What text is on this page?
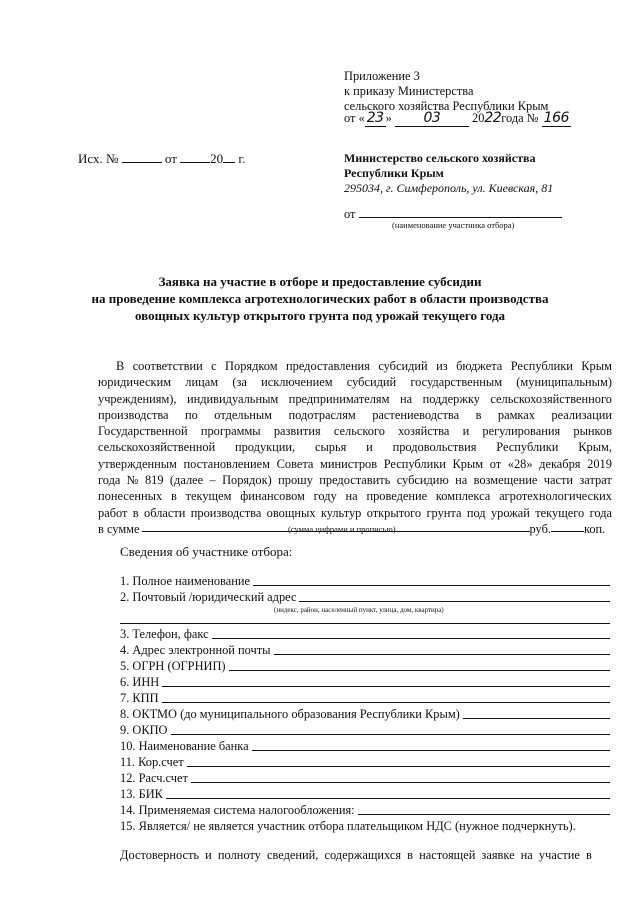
Приложение 3
к приказу Министерства
сельского хозяйства Республики Крым
от « 23 » 03	2022года № 166
Исх. №	от	20 г.	Министерство сельского хозяйства
Республики Крым
295034, г. Симферополь, ул. Киевская, 81
от
(наименование участника отбора)
Заявка на участие в отборе и предоставление субсидии
на проведение комплекса агротехнологических работ в области производства
овощных культур открытого грунта под урожай текущего года
В соответствии с Порядком предоставления субсидий из бюджета Республики Крым
юридическим лицам (за исключением субсидий государственным (муниципальным)
учреждениям), индивидуальным предпринимателям на поддержку сельскохозяйственного
производства по отдельным подотраслям растениеводства в рамках реализации
Государственной программы развития сельского хозяйства и регулирования рынков
сельскохозяйственной продукции, сырья и продовольствия Республики Крым,
утвержденным постановлением Совета министров Республики Крым от «28» декабря 2019
года № 819 (далее – Порядок) прошу предоставить субсидию на возмещение части затрат
понесенных в текущем финансовом году на проведение комплекса агротехнологических
работ в области производства овощных культур открытого грунта под урожай текущего года
в сумме	руб.	коп.
(сумма цифрами и прописью)
Сведения об участнике отбора:
1. Полное наименование
2. Почтовый /юридический адрес
(индекс, район, населенный пункт, улица, дом, квартира)
3. Телефон, факс
4. Адрес электронной почты
5. ОГРН (ОГРНИП)
6. ИНН
7. КПП
8. ОКТМО (до муниципального образования Республики Крым)
9. ОКПО
10. Наименование банка
11. Кор.счет
12. Расч.счет
13. БИК
14. Применяемая система налогообложения:
15. Является/ не является участник отбора плательщиком НДС (нужное подчеркнуть).
Достоверность и полноту сведений, содержащихся в настоящей заявке на участие в
